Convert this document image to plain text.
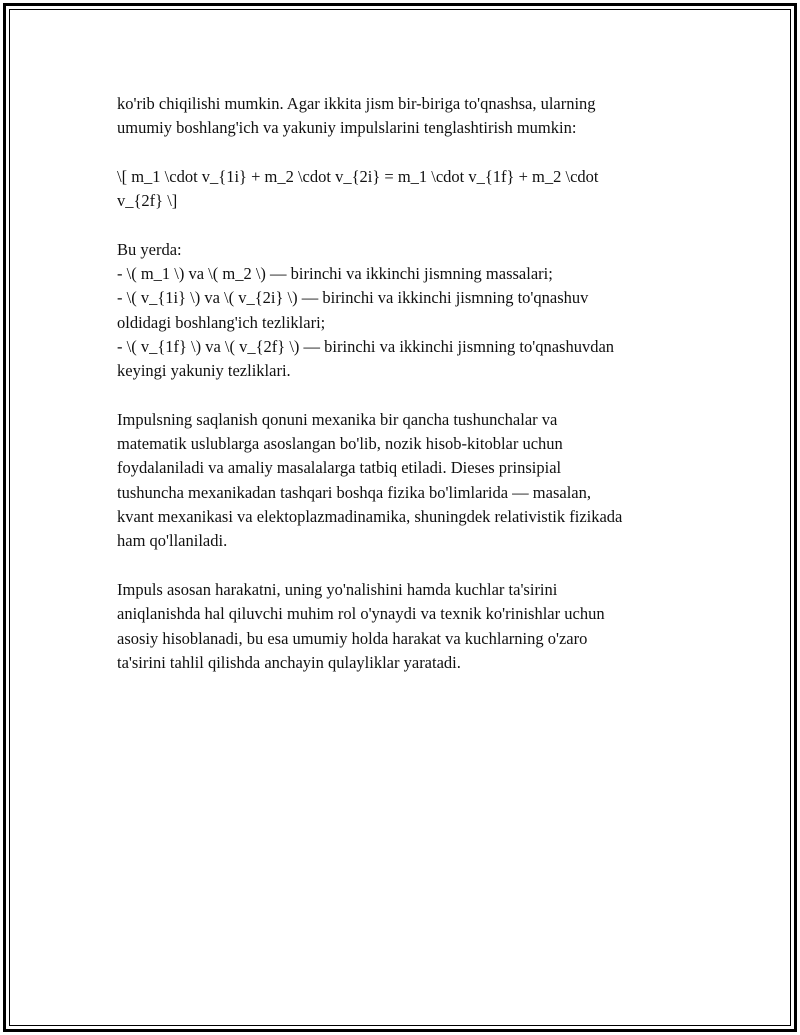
ko'rib chiqilishi mumkin. Agar ikkita jism bir-biriga to'qnashsa, ularning
umumiy boshlang'ich va yakuniy impulslarini tenglashtirish mumkin:
\[ m_1 \cdot v_{1i} + m_2 \cdot v_{2i} = m_1 \cdot v_{1f} + m_2 \cdot
v_{2f} \]
Bu yerda:
- \( m_1 \) va \( m_2 \) — birinchi va ikkinchi jismning massalari;
- \( v_{1i} \) va \( v_{2i} \) — birinchi va ikkinchi jismning to'qnashuv
oldidagi boshlang'ich tezliklari;
- \( v_{1f} \) va \( v_{2f} \) — birinchi va ikkinchi jismning to'qnashuvdan
keyingi yakuniy tezliklari.
Impulsning saqlanish qonuni mexanika bir qancha tushunchalar va
matematik uslublarga asoslangan bo'lib, nozik hisob-kitoblar uchun
foydalaniladi va amaliy masalalarga tatbiq etiladi. Dieses prinsipial
tushuncha mexanikadan tashqari boshqa fizika bo'limlarida — masalan,
kvant mexanikasi va elektoplazmadinamika, shuningdek relativistik fizikada
ham qo'llaniladi.
Impuls asosan harakatni, uning yo'nalishini hamda kuchlar ta'sirini
aniqlanishda hal qiluvchi muhim rol o'ynaydi va texnik ko'rinishlar uchun
asosiy hisoblanadi, bu esa umumiy holda harakat va kuchlarning o'zaro
ta'sirini tahlil qilishda anchayin qulayliklar yaratadi.
